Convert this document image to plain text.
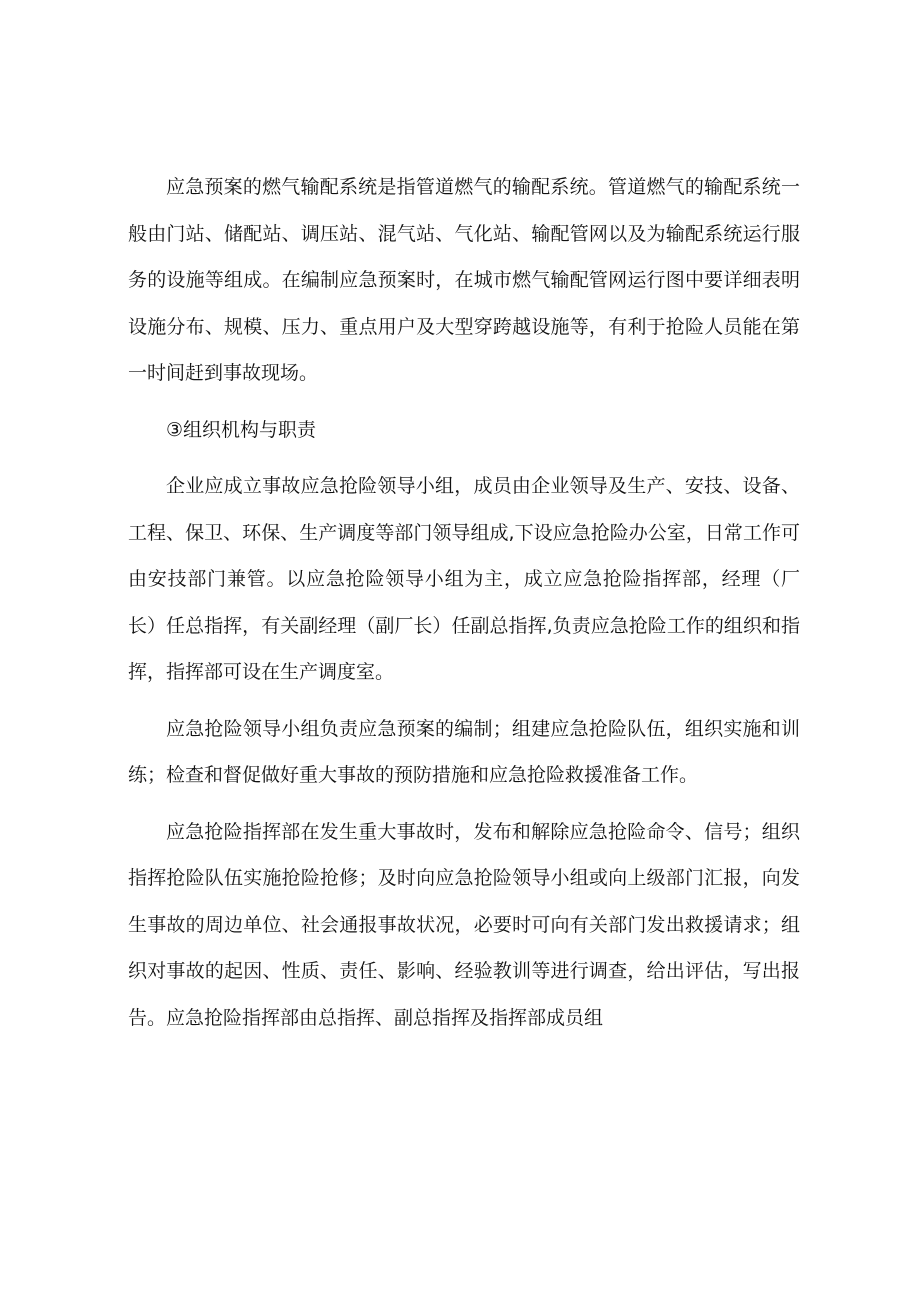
应急预案的燃气输配系统是指管道燃气的输配系统。管道燃气的输配系统一般由门站、储配站、调压站、混气站、气化站、输配管网以及为输配系统运行服务的设施等组成。在编制应急预案时，在城市燃气输配管网运行图中要详细表明设施分布、规模、压力、重点用户及大型穿跨越设施等，有利于抢险人员能在第一时间赶到事故现场。

③组织机构与职责

企业应成立事故应急抢险领导小组，成员由企业领导及生产、安技、设备、工程、保卫、环保、生产调度等部门领导组成,下设应急抢险办公室，日常工作可由安技部门兼管。以应急抢险领导小组为主，成立应急抢险指挥部，经理（厂长）任总指挥，有关副经理（副厂长）任副总指挥,负责应急抢险工作的组织和指挥，指挥部可设在生产调度室。

应急抢险领导小组负责应急预案的编制；组建应急抢险队伍，组织实施和训练；检查和督促做好重大事故的预防措施和应急抢险救援准备工作。

应急抢险指挥部在发生重大事故时，发布和解除应急抢险命令、信号；组织指挥抢险队伍实施抢险抢修；及时向应急抢险领导小组或向上级部门汇报，向发生事故的周边单位、社会通报事故状况，必要时可向有关部门发出救援请求；组织对事故的起因、性质、责任、影响、经验教训等进行调查，给出评估，写出报告。应急抢险指挥部由总指挥、副总指挥及指挥部成员组
